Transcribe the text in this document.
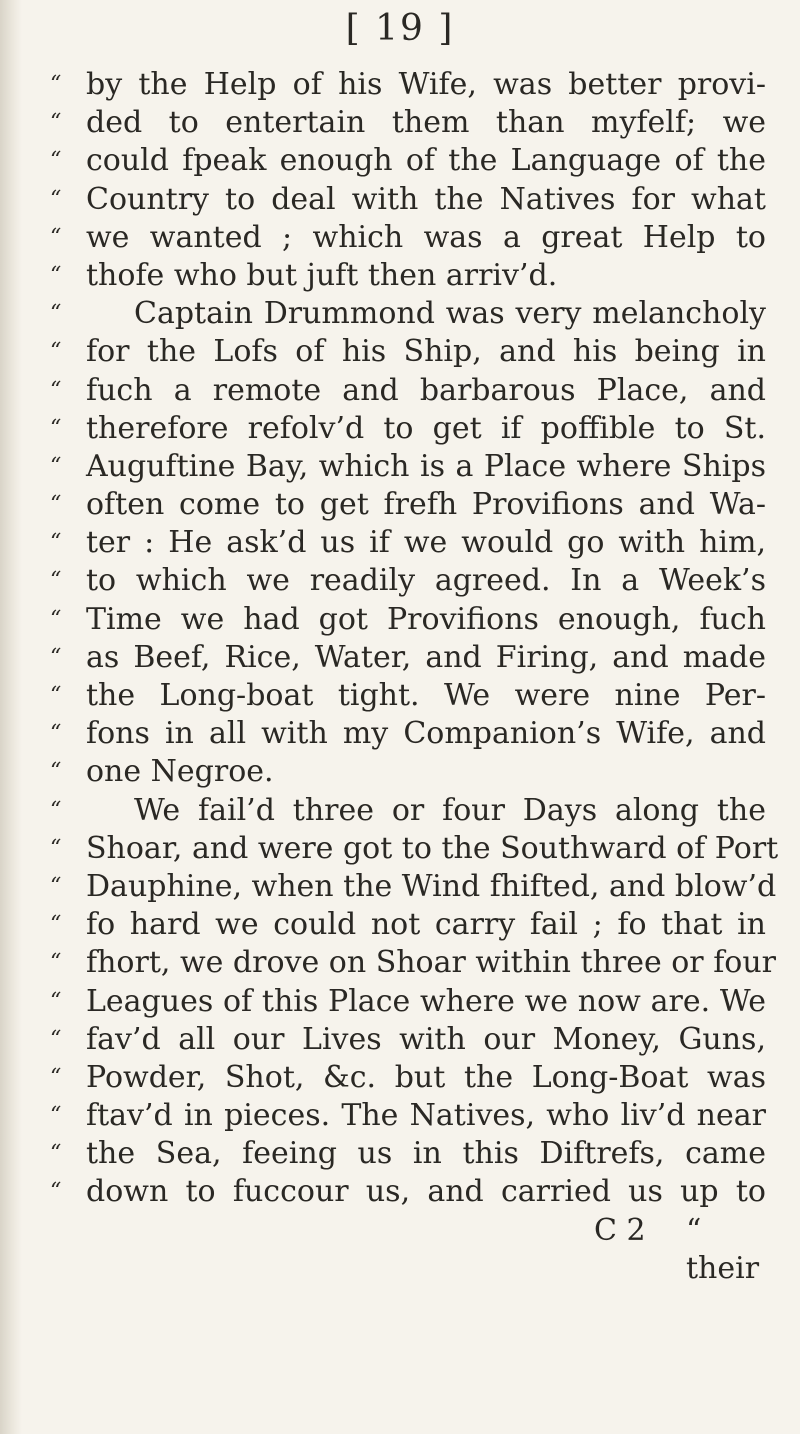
[ 19 ]
“ by the Help of his Wife, was better provi-
“ ded to entertain them than myfelf; we
“ could fpeak enough of the Language of the
“ Country to deal with the Natives for what
“ we wanted ; which was a great Help to
“ thofe who but juft then arriv’d.
“	Captain Drummond was very melancholy
“ for the Lofs of his Ship, and his being in
“ fuch a remote and barbarous Place, and
“ therefore refolv’d to get if poffible to St.
“ Auguftine Bay, which is a Place where Ships
“ often come to get frefh Provifions and Wa-
“ ter : He ask’d us if we would go with him,
“ to which we readily agreed. In a Week’s
“ Time we had got Provifions enough, fuch
“ as Beef, Rice, Water, and Firing, and made
“ the Long-boat tight. We were nine Per-
“ fons in all with my Companion’s Wife, and
“ one Negroe.
“	We fail’d three or four Days along the
“ Shoar, and were got to the Southward of Port
“ Dauphine, when the Wind fhifted, and blow’d
“ fo hard we could not carry fail ; fo that in
“ fhort, we drove on Shoar within three or four
“ Leagues of this Place where we now are. We
“ fav’d all our Lives with our Money, Guns,
“ Powder, Shot, &c. but the Long-Boat was
“ ftav’d in pieces. The Natives, who liv’d near
“ the Sea, feeing us in this Diftrefs, came
“ down to fuccour us, and carried us up to
C 2 “ their
